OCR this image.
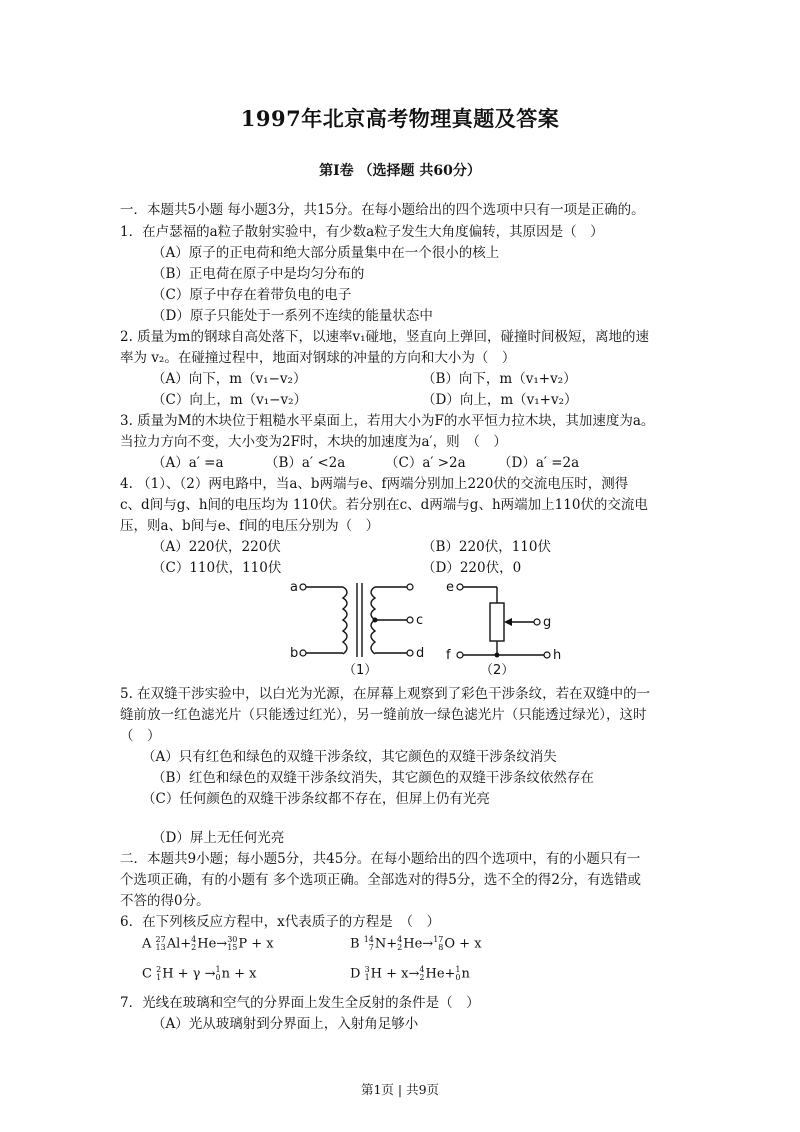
1997年北京高考物理真题及答案
第Ⅰ卷 （选择题 共60分）
一．本题共5小题 每小题3分，共15分。在每小题给出的四个选项中只有一项是正确的。
1．在卢瑟福的a粒子散射实验中，有少数a粒子发生大角度偏转，其原因是（　）
（A）原子的正电荷和绝大部分质量集中在一个很小的核上
（B）正电荷在原子中是均匀分布的
（C）原子中存在着带负电的电子
（D）原子只能处于一系列不连续的能量状态中
2. 质量为m的钢球自高处落下，以速率v₁碰地，竖直向上弹回，碰撞时间极短，离地的速
率为 v₂。在碰撞过程中，地面对钢球的冲量的方向和大小为（　）
（A）向下，m（v₁−v₂）	（B）向下，m（v₁+v₂）
（C）向上，m（v₁−v₂）	（D）向上，m（v₁+v₂）
3. 质量为M的木块位于粗糙水平桌面上，若用大小为F的水平恒力拉木块，其加速度为a。
当拉力方向不变，大小变为2F时，木块的加速度为a′，则　（　）
（A）a′ =a	（B）a′ <2a	（C）a′ >2a （D）a′ =2a
4. （1）、（2）两电路中，当a、b两端与e、f两端分别加上220伏的交流电压时，测得
c、d间与g、h间的电压均为 110伏。若分别在c、d两端与g、h两端加上110伏的交流电
压，则a、b间与e、f间的电压分别为（　）
（A）220伏，220伏	（B）220伏，110伏
（C）110伏，110伏	（D）220伏，0
a
b
c
d
e
f
g
h
（1）	（2）
5. 在双缝干涉实验中，以白光为光源，在屏幕上观察到了彩色干涉条纹，若在双缝中的一
缝前放一红色滤光片（只能透过红光），另一缝前放一绿色滤光片（只能透过绿光），这时
（　）
（A）只有红色和绿色的双缝干涉条纹，其它颜色的双缝干涉条纹消失
（B）红色和绿色的双缝干涉条纹消失，其它颜色的双缝干涉条纹依然存在
（C）任何颜色的双缝干涉条纹都不存在，但屏上仍有光亮
（D）屏上无任何光亮
二．本题共9小题；每小题5分，共45分。在每小题给出的四个选项中，有的小题只有一
个选项正确，有的小题有 多个选项正确。全部选对的得5分，选不全的得2分，有选错或
不答的得0分。
6．在下列核反应方程中，x代表质子的方程是　（　）
A 27
13 Al+ 4
2 He→ 30
15 P + x	B 14
7 N+ 4
2 He→ 17
8 O + x
C 2
1 H + γ → 1
0 n + x	D 3
1 H + x→ 4
2 He+ 1
0 n
7．光线在玻璃和空气的分界面上发生全反射的条件是（　）
（A）光从玻璃射到分界面上，入射角足够小
第1页 | 共9页
